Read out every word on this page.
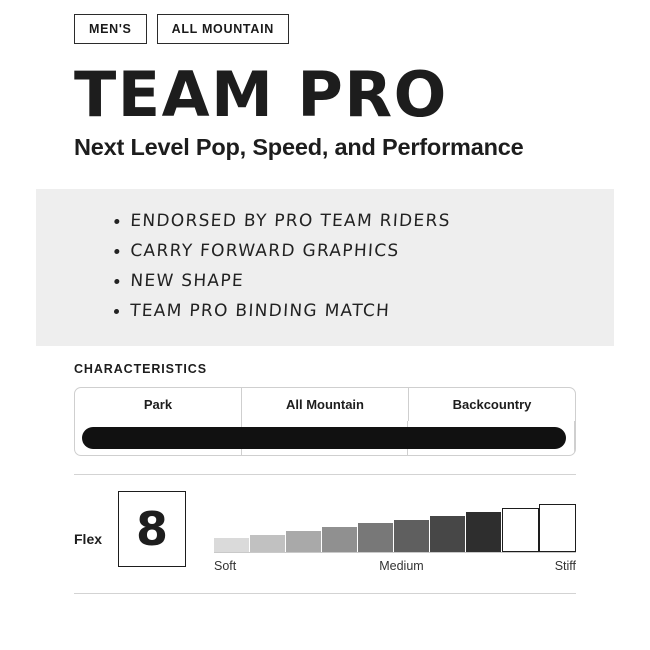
MEN'S	ALL MOUNTAIN
TEAM PRO

Next Level Pop, Speed, and Performance

ENDORSED BY PRO TEAM RIDERS
CARRY FORWARD GRAPHICS
NEW SHAPE
TEAM PRO BINDING MATCH
CHARACTERISTICS
Park	All Mountain	Backcountry
Flex 8
Soft	Medium	Stiff
